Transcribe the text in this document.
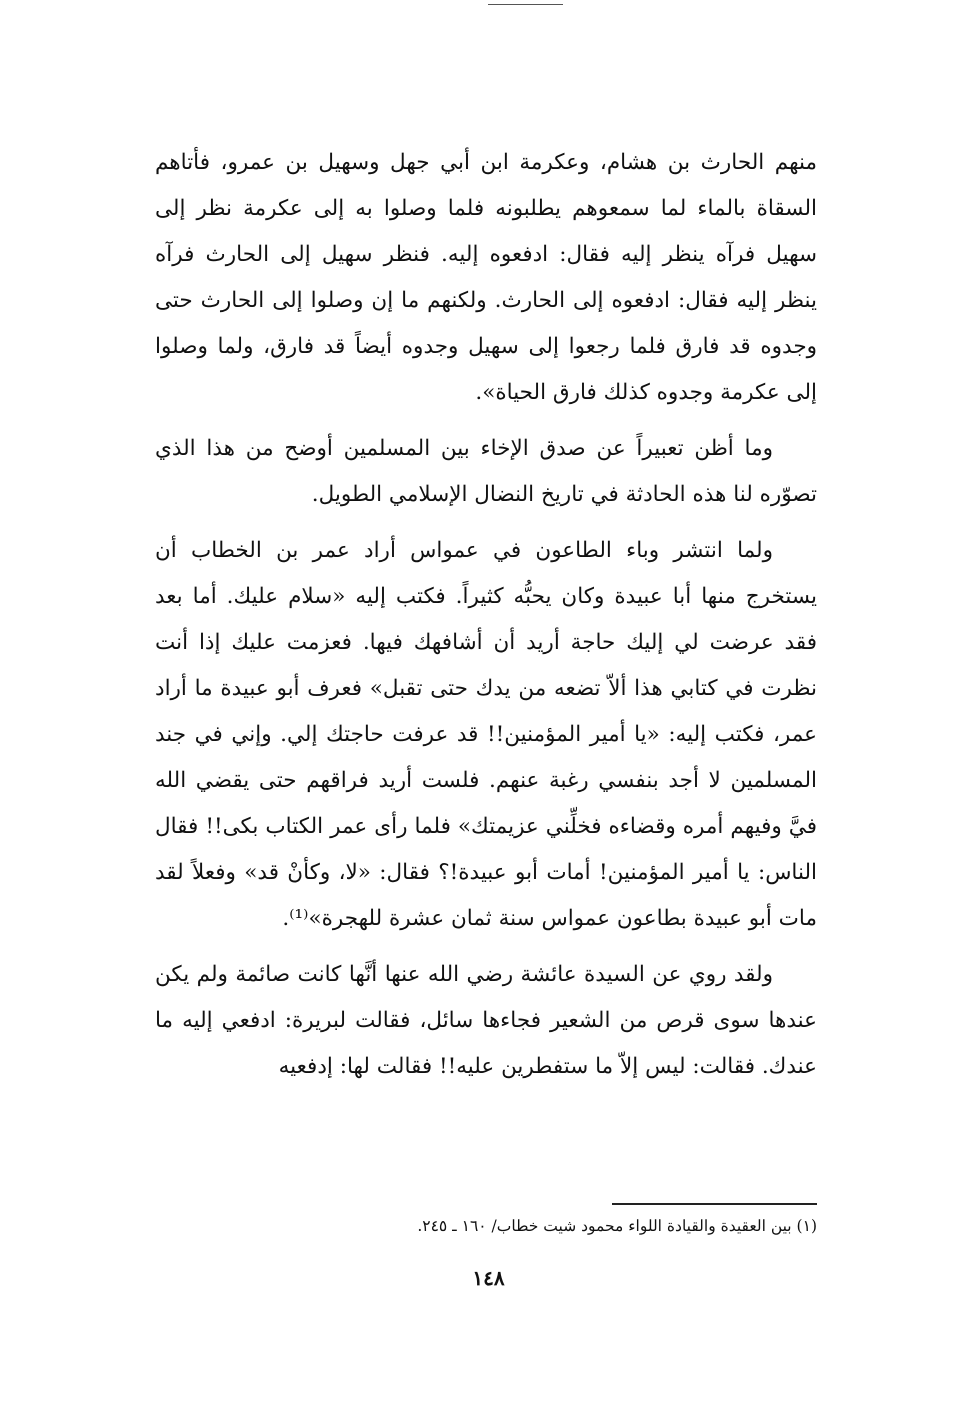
منهم الحارث بن هشام، وعكرمة ابن أبي جهل وسهيل بن عمرو، فأتاهم السقاة بالماء لما سمعوهم يطلبونه فلما وصلوا به إلى عكرمة نظر إلى سهيل فرآه ينظر إليه فقال: ادفعوه إليه. فنظر سهيل إلى الحارث فرآه ينظر إليه فقال: ادفعوه إلى الحارث. ولكنهم ما إن وصلوا إلى الحارث حتى وجدوه قد فارق فلما رجعوا إلى سهيل وجدوه أيضاً قد فارق، ولما وصلوا إلى عكرمة وجدوه كذلك فارق الحياة».

وما أظن تعبيراً عن صدق الإخاء بين المسلمين أوضح من هذا الذي تصوّره لنا هذه الحادثة في تاريخ النضال الإسلامي الطويل.

ولما انتشر وباء الطاعون في عمواس أراد عمر بن الخطاب أن يستخرج منها أبا عبيدة وكان يحبُّه كثيراً. فكتب إليه «سلام عليك. أما بعد فقد عرضت لي إليك حاجة أريد أن أشافهك فيها. فعزمت عليك إذا أنت نظرت في كتابي هذا ألاّ تضعه من يدك حتى تقبل» فعرف أبو عبيدة ما أراد عمر، فكتب إليه: «يا أمير المؤمنين!! قد عرفت حاجتك إلي. وإني في جند المسلمين لا أجد بنفسي رغبة عنهم. فلست أريد فراقهم حتى يقضي الله فيَّ وفيهم أمره وقضاءه فخلِّني عزيمتك» فلما رأى عمر الكتاب بكى!! فقال الناس: يا أمير المؤمنين! أمات أبو عبيدة!؟ فقال: «لا، وكأنْ قد» وفعلاً لقد مات أبو عبيدة بطاعون عمواس سنة ثمان عشرة للهجرة»⁽¹⁾.

ولقد روي عن السيدة عائشة رضي الله عنها أنَّها كانت صائمة ولم يكن عندها سوى قرص من الشعير فجاءها سائل، فقالت لبريرة: ادفعي إليه ما عندك. فقالت: ليس إلاّ ما ستفطرين عليه!! فقالت لها: إدفعيه

(١) بين العقيدة والقيادة اللواء محمود شيت خطاب/ ١٦٠ ـ ٢٤٥.

١٤٨
